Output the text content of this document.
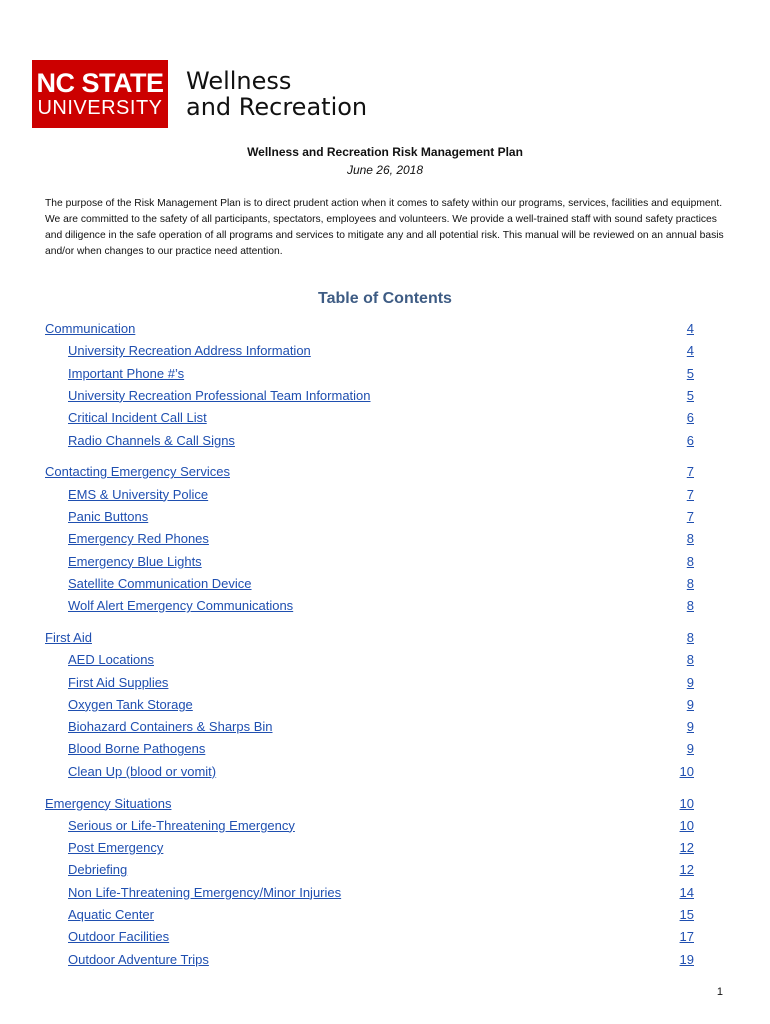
NC STATE
UNIVERSITY
Wellness
and Recreation
Wellness and Recreation Risk Management Plan
June 26, 2018

The purpose of the Risk Management Plan is to direct prudent action when it comes to safety within our programs, services, facilities and equipment. We are committed to the safety of all participants, spectators, employees and volunteers. We provide a well-trained staff with sound safety practices and diligence in the safe operation of all programs and services to mitigate any and all potential risk. This manual will be reviewed on an annual basis and/or when changes to our practice need attention.

Table of Contents
Communication	4
University Recreation Address Information	4
Important Phone #’s	5
University Recreation Professional Team Information	5
Critical Incident Call List	6
Radio Channels & Call Signs	6
Contacting Emergency Services	7
EMS & University Police	7
Panic Buttons	7
Emergency Red Phones	8
Emergency Blue Lights	8
Satellite Communication Device	8
Wolf Alert Emergency Communications	8
First Aid	8
AED Locations	8
First Aid Supplies	9
Oxygen Tank Storage	9
Biohazard Containers & Sharps Bin	9
Blood Borne Pathogens	9
Clean Up (blood or vomit)	10
Emergency Situations	10
Serious or Life-Threatening Emergency	10
Post Emergency	12
Debriefing	12
Non Life-Threatening Emergency/Minor Injuries	14
Aquatic Center	15
Outdoor Facilities	17
Outdoor Adventure Trips	19
1
